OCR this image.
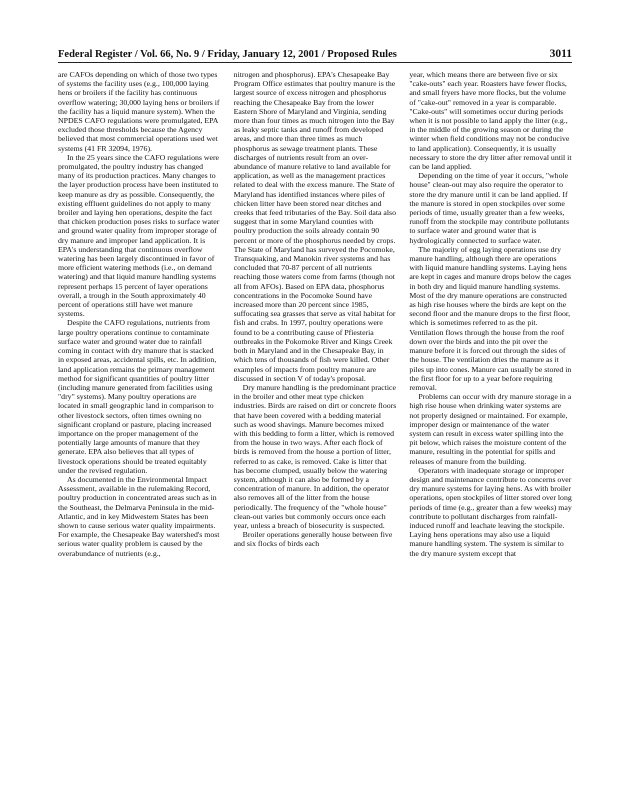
Federal Register / Vol. 66, No. 9 / Friday, January 12, 2001 / Proposed Rules	3011

are CAFOs depending on which of those two types of systems the facility uses (e.g., 100,000 laying hens or broilers if the facility has continuous overflow watering; 30,000 laying hens or broilers if the facility has a liquid manure system). When the NPDES CAFO regulations were promulgated, EPA excluded those thresholds because the Agency believed that most commercial operations used wet systems (41 FR 32094, 1976).

In the 25 years since the CAFO regulations were promulgated, the poultry industry has changed many of its production practices. Many changes to the layer production process have been instituted to keep manure as dry as possible. Consequently, the existing effluent guidelines do not apply to many broiler and laying hen operations, despite the fact that chicken production poses risks to surface water and ground water quality from improper storage of dry manure and improper land application. It is EPA's understanding that continuous overflow watering has been largely discontinued in favor of more efficient watering methods (i.e., on demand watering) and that liquid manure handling systems represent perhaps 15 percent of layer operations overall, a trough in the South approximately 40 percent of operations still have wet manure systems.

Despite the CAFO regulations, nutrients from large poultry operations continue to contaminate surface water and ground water due to rainfall coming in contact with dry manure that is stacked in exposed areas, accidental spills, etc. In addition, land application remains the primary management method for significant quantities of poultry litter (including manure generated from facilities using "dry" systems). Many poultry operations are located in small geographic land in comparison to other livestock sectors, often times owning no significant cropland or pasture, placing increased importance on the proper management of the potentially large amounts of manure that they generate. EPA also believes that all types of livestock operations should be treated equitably under the revised regulation.

As documented in the Environmental Impact Assessment, available in the rulemaking Record, poultry production in concentrated areas such as in the Southeast, the Delmarva Peninsula in the mid-Atlantic, and in key Midwestern States has been shown to cause serious water quality impairments. For example, the Chesapeake Bay watershed's most serious water quality problem is caused by the overabundance of nutrients (e.g.,

nitrogen and phosphorus). EPA's Chesapeake Bay Program Office estimates that poultry manure is the largest source of excess nitrogen and phosphorus reaching the Chesapeake Bay from the lower Eastern Shore of Maryland and Virginia, sending more than four times as much nitrogen into the Bay as leaky septic tanks and runoff from developed areas, and more than three times as much phosphorus as sewage treatment plants. These discharges of nutrients result from an over-abundance of manure relative to land available for application, as well as the management practices related to deal with the excess manure. The State of Maryland has identified instances where piles of chicken litter have been stored near ditches and creeks that feed tributaries of the Bay. Soil data also suggest that in some Maryland counties with poultry production the soils already contain 90 percent or more of the phosphorus needed by crops. The State of Maryland has surveyed the Pocomoke, Transquaking, and Manokin river systems and has concluded that 70-87 percent of all nutrients reaching those waters come from farms (though not all from AFOs). Based on EPA data, phosphorus concentrations in the Pocomoke Sound have increased more than 20 percent since 1985, suffocating sea grasses that serve as vital habitat for fish and crabs. In 1997, poultry operations were found to be a contributing cause of Pfiesteria outbreaks in the Pokomoke River and Kings Creek both in Maryland and in the Chesapeake Bay, in which tens of thousands of fish were killed. Other examples of impacts from poultry manure are discussed in section V of today's proposal.

Dry manure handling is the predominant practice in the broiler and other meat type chicken industries. Birds are raised on dirt or concrete floors that have been covered with a bedding material such as wood shavings. Manure becomes mixed with this bedding to form a litter, which is removed from the house in two ways. After each flock of birds is removed from the house a portion of litter, referred to as cake, is removed. Cake is litter that has become clumped, usually below the watering system, although it can also be formed by a concentration of manure. In addition, the operator also removes all of the litter from the house periodically. The frequency of the "whole house" clean-out varies but commonly occurs once each year, unless a breach of biosecurity is suspected.

Broiler operations generally house between five and six flocks of birds each

year, which means there are between five or six "cake-outs" each year. Roasters have fewer flocks, and small fryers have more flocks, but the volume of "cake-out" removed in a year is comparable. "Cake-outs" will sometimes occur during periods when it is not possible to land apply the litter (e.g., in the middle of the growing season or during the winter when field conditions may not be conducive to land application). Consequently, it is usually necessary to store the dry litter after removal until it can be land applied.

Depending on the time of year it occurs, "whole house" clean-out may also require the operator to store the dry manure until it can be land applied. If the manure is stored in open stockpiles over some periods of time, usually greater than a few weeks, runoff from the stockpile may contribute pollutants to surface water and ground water that is hydrologically connected to surface water.

The majority of egg laying operations use dry manure handling, although there are operations with liquid manure handling systems. Laying hens are kept in cages and manure drops below the cages in both dry and liquid manure handling systems. Most of the dry manure operations are constructed as high rise houses where the birds are kept on the second floor and the manure drops to the first floor, which is sometimes referred to as the pit. Ventilation flows through the house from the roof down over the birds and into the pit over the manure before it is forced out through the sides of the house. The ventilation dries the manure as it piles up into cones. Manure can usually be stored in the first floor for up to a year before requiring removal.

Problems can occur with dry manure storage in a high rise house when drinking water systems are not properly designed or maintained. For example, improper design or maintenance of the water system can result in excess water spilling into the pit below, which raises the moisture content of the manure, resulting in the potential for spills and releases of manure from the building.

Operators with inadequate storage or improper design and maintenance contribute to concerns over dry manure systems for laying hens. As with broiler operations, open stockpiles of litter stored over long periods of time (e.g., greater than a few weeks) may contribute to pollutant discharges from rainfall-induced runoff and leachate leaving the stockpile. Laying hens operations may also use a liquid manure handling system. The system is similar to the dry manure system except that
